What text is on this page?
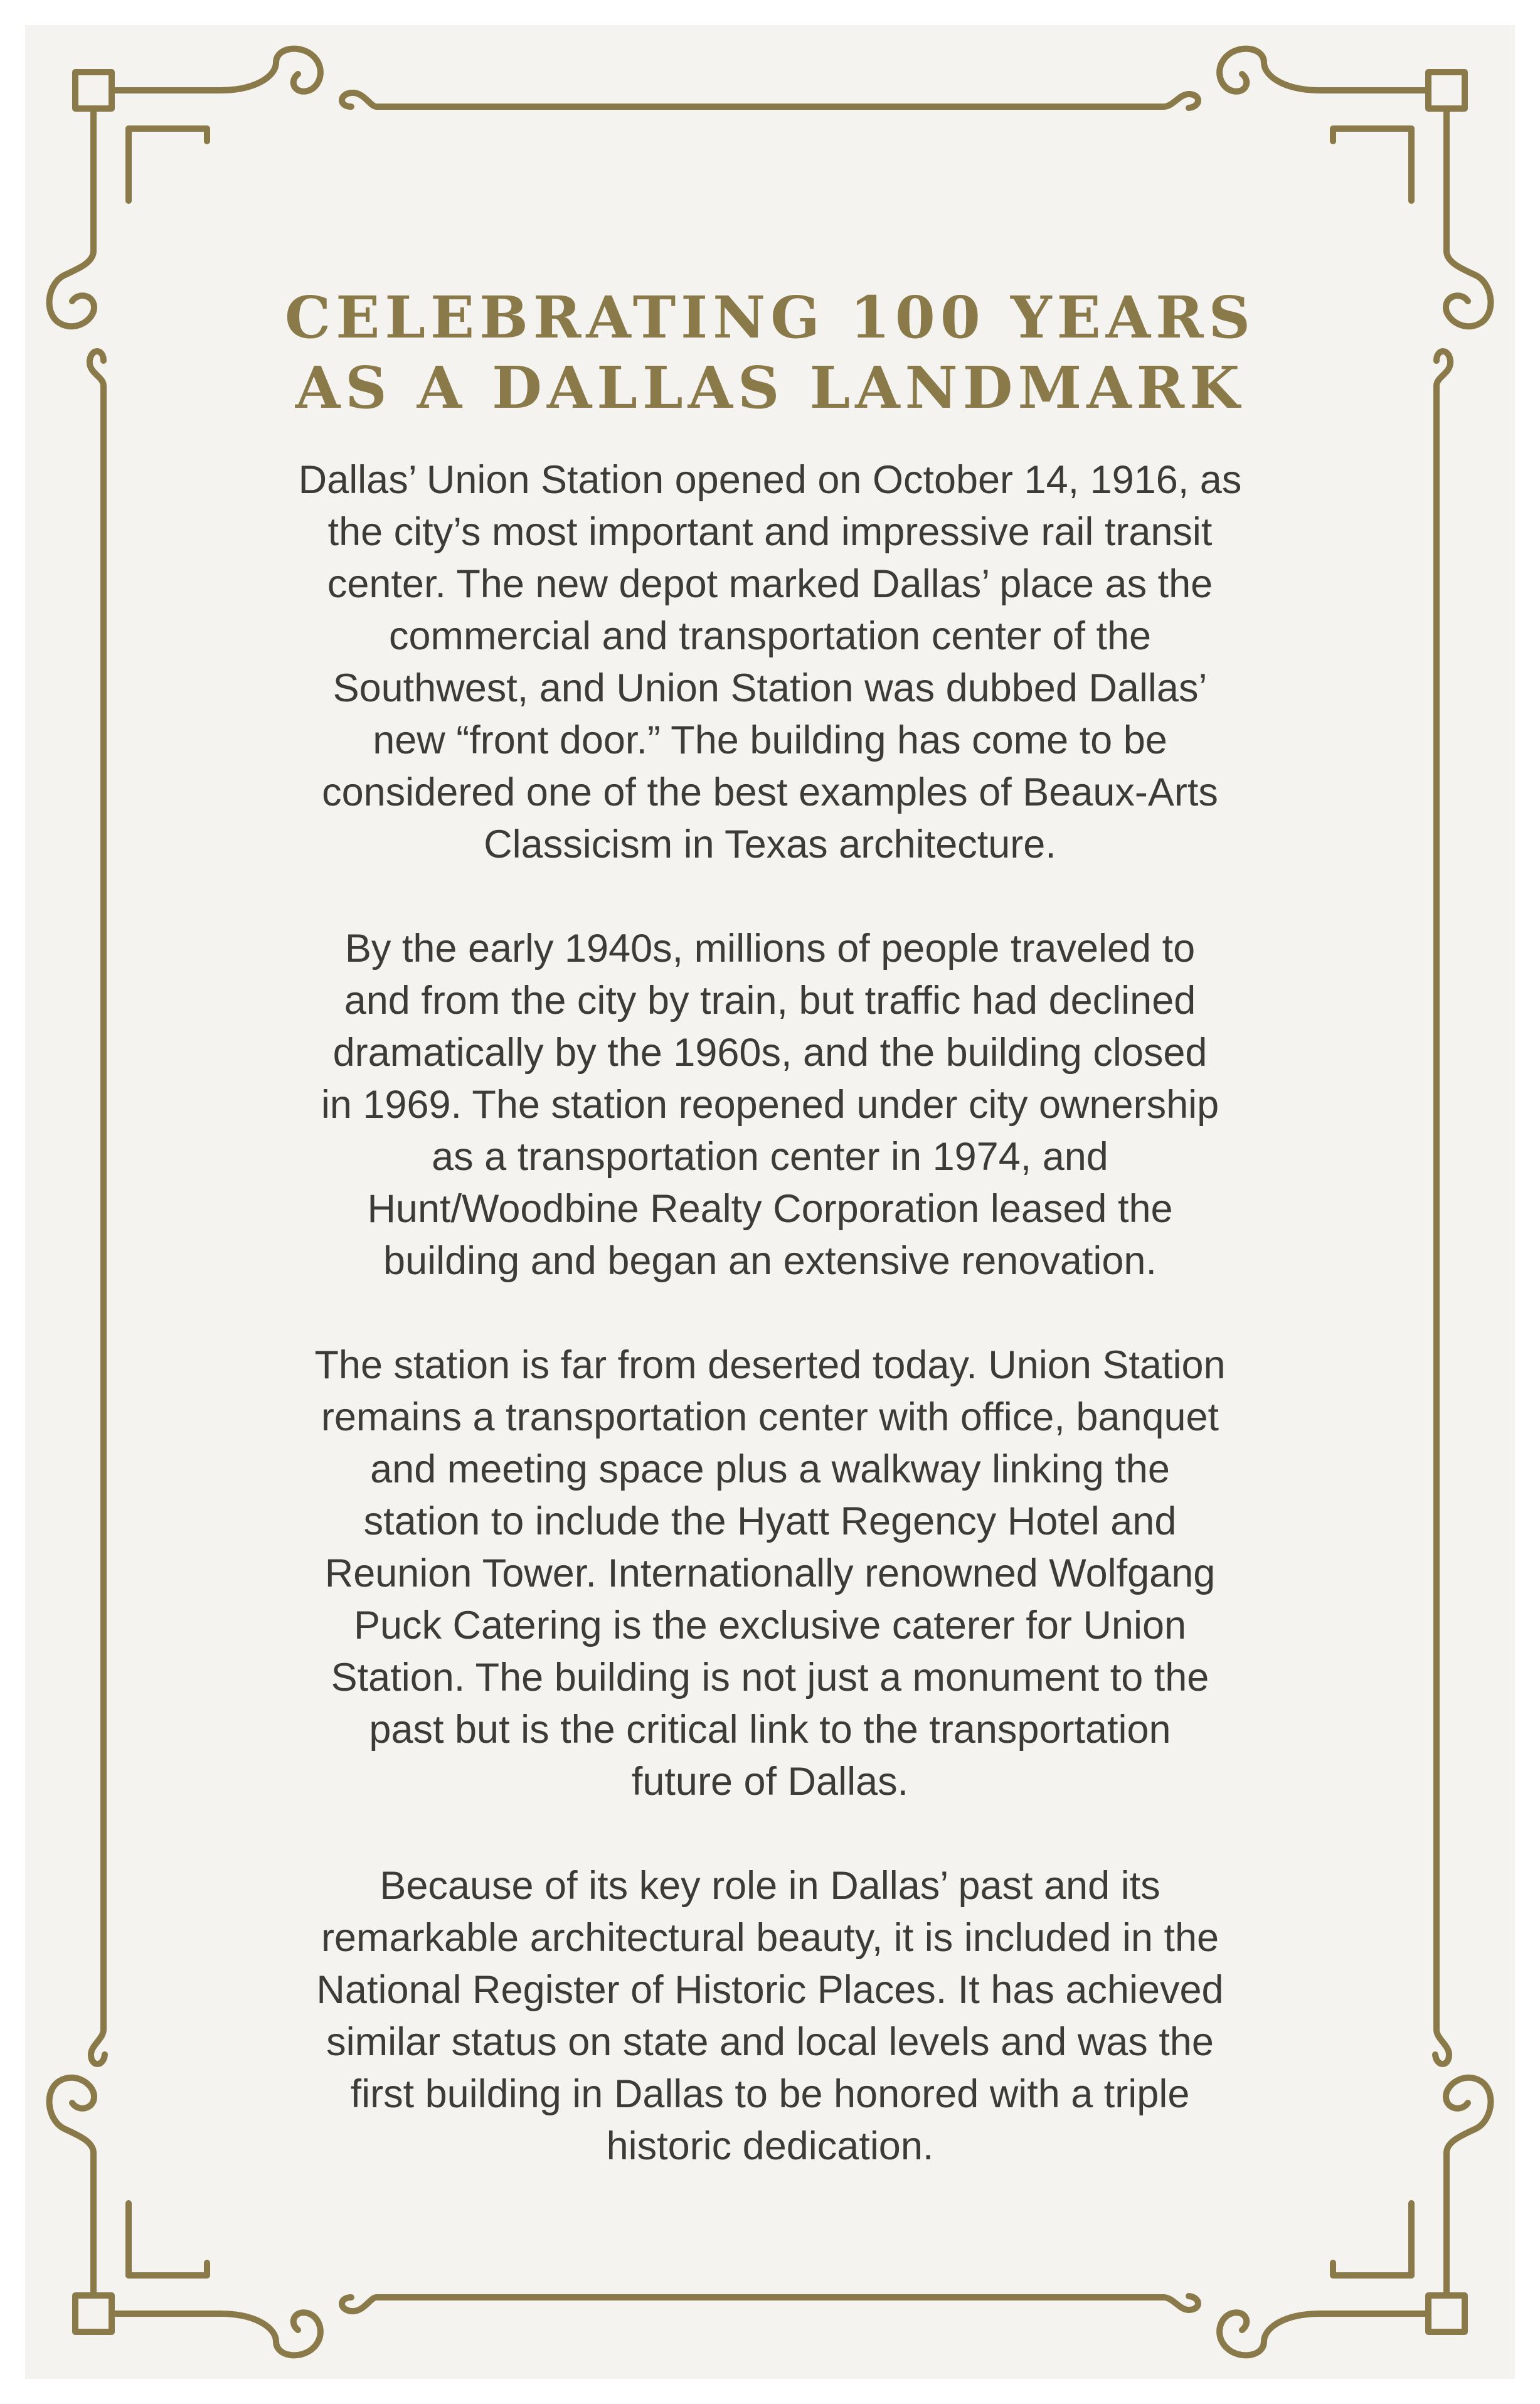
CELEBRATING 100 YEARS
AS A DALLAS LANDMARK

Dallas’ Union Station opened on October 14, 1916, as
the city’s most important and impressive rail transit
center. The new depot marked Dallas’ place as the
commercial and transportation center of the
Southwest, and Union Station was dubbed Dallas’
new “front door.” The building has come to be
considered one of the best examples of Beaux-Arts
Classicism in Texas architecture.

By the early 1940s, millions of people traveled to
and from the city by train, but traffic had declined
dramatically by the 1960s, and the building closed
in 1969. The station reopened under city ownership
as a transportation center in 1974, and
Hunt/Woodbine Realty Corporation leased the
building and began an extensive renovation.

The station is far from deserted today. Union Station
remains a transportation center with office, banquet
and meeting space plus a walkway linking the
station to include the Hyatt Regency Hotel and
Reunion Tower. Internationally renowned Wolfgang
Puck Catering is the exclusive caterer for Union
Station. The building is not just a monument to the
past but is the critical link to the transportation
future of Dallas.

Because of its key role in Dallas’ past and its
remarkable architectural beauty, it is included in the
National Register of Historic Places. It has achieved
similar status on state and local levels and was the
first building in Dallas to be honored with a triple
historic dedication.
